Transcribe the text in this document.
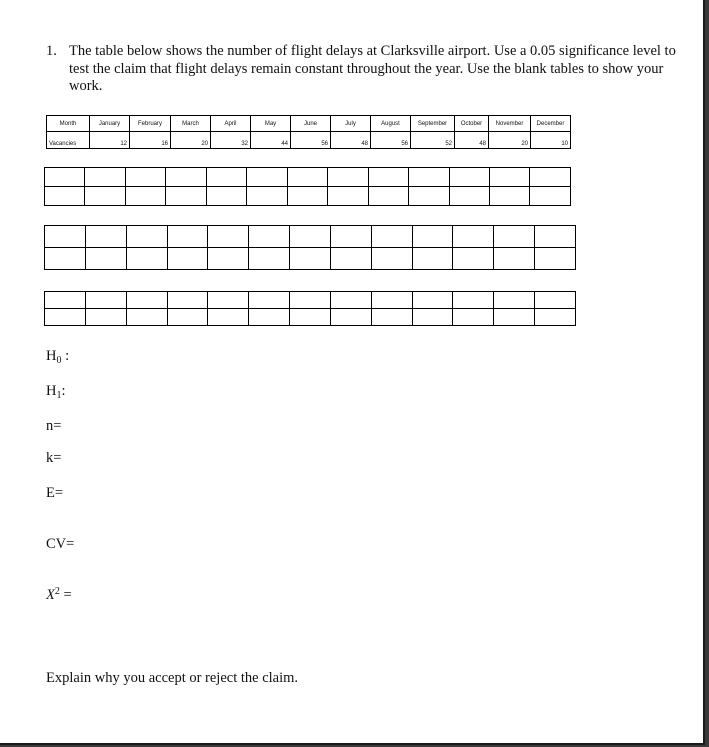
1. The table below shows the number of flight delays at Clarksville airport. Use a 0.05 significance level to test the claim that flight delays remain constant throughout the year. Use the blank tables to show your work.
Month	January	February	March	April	May	June	July	August	September	October	November	December
Vacancies	12	16	20	32	44	56	48	56	52	48	20	10

$H_0$ :
$H_1$:
n=
k=
E=
CV=
$X^2$ =
Explain why you accept or reject the claim.
